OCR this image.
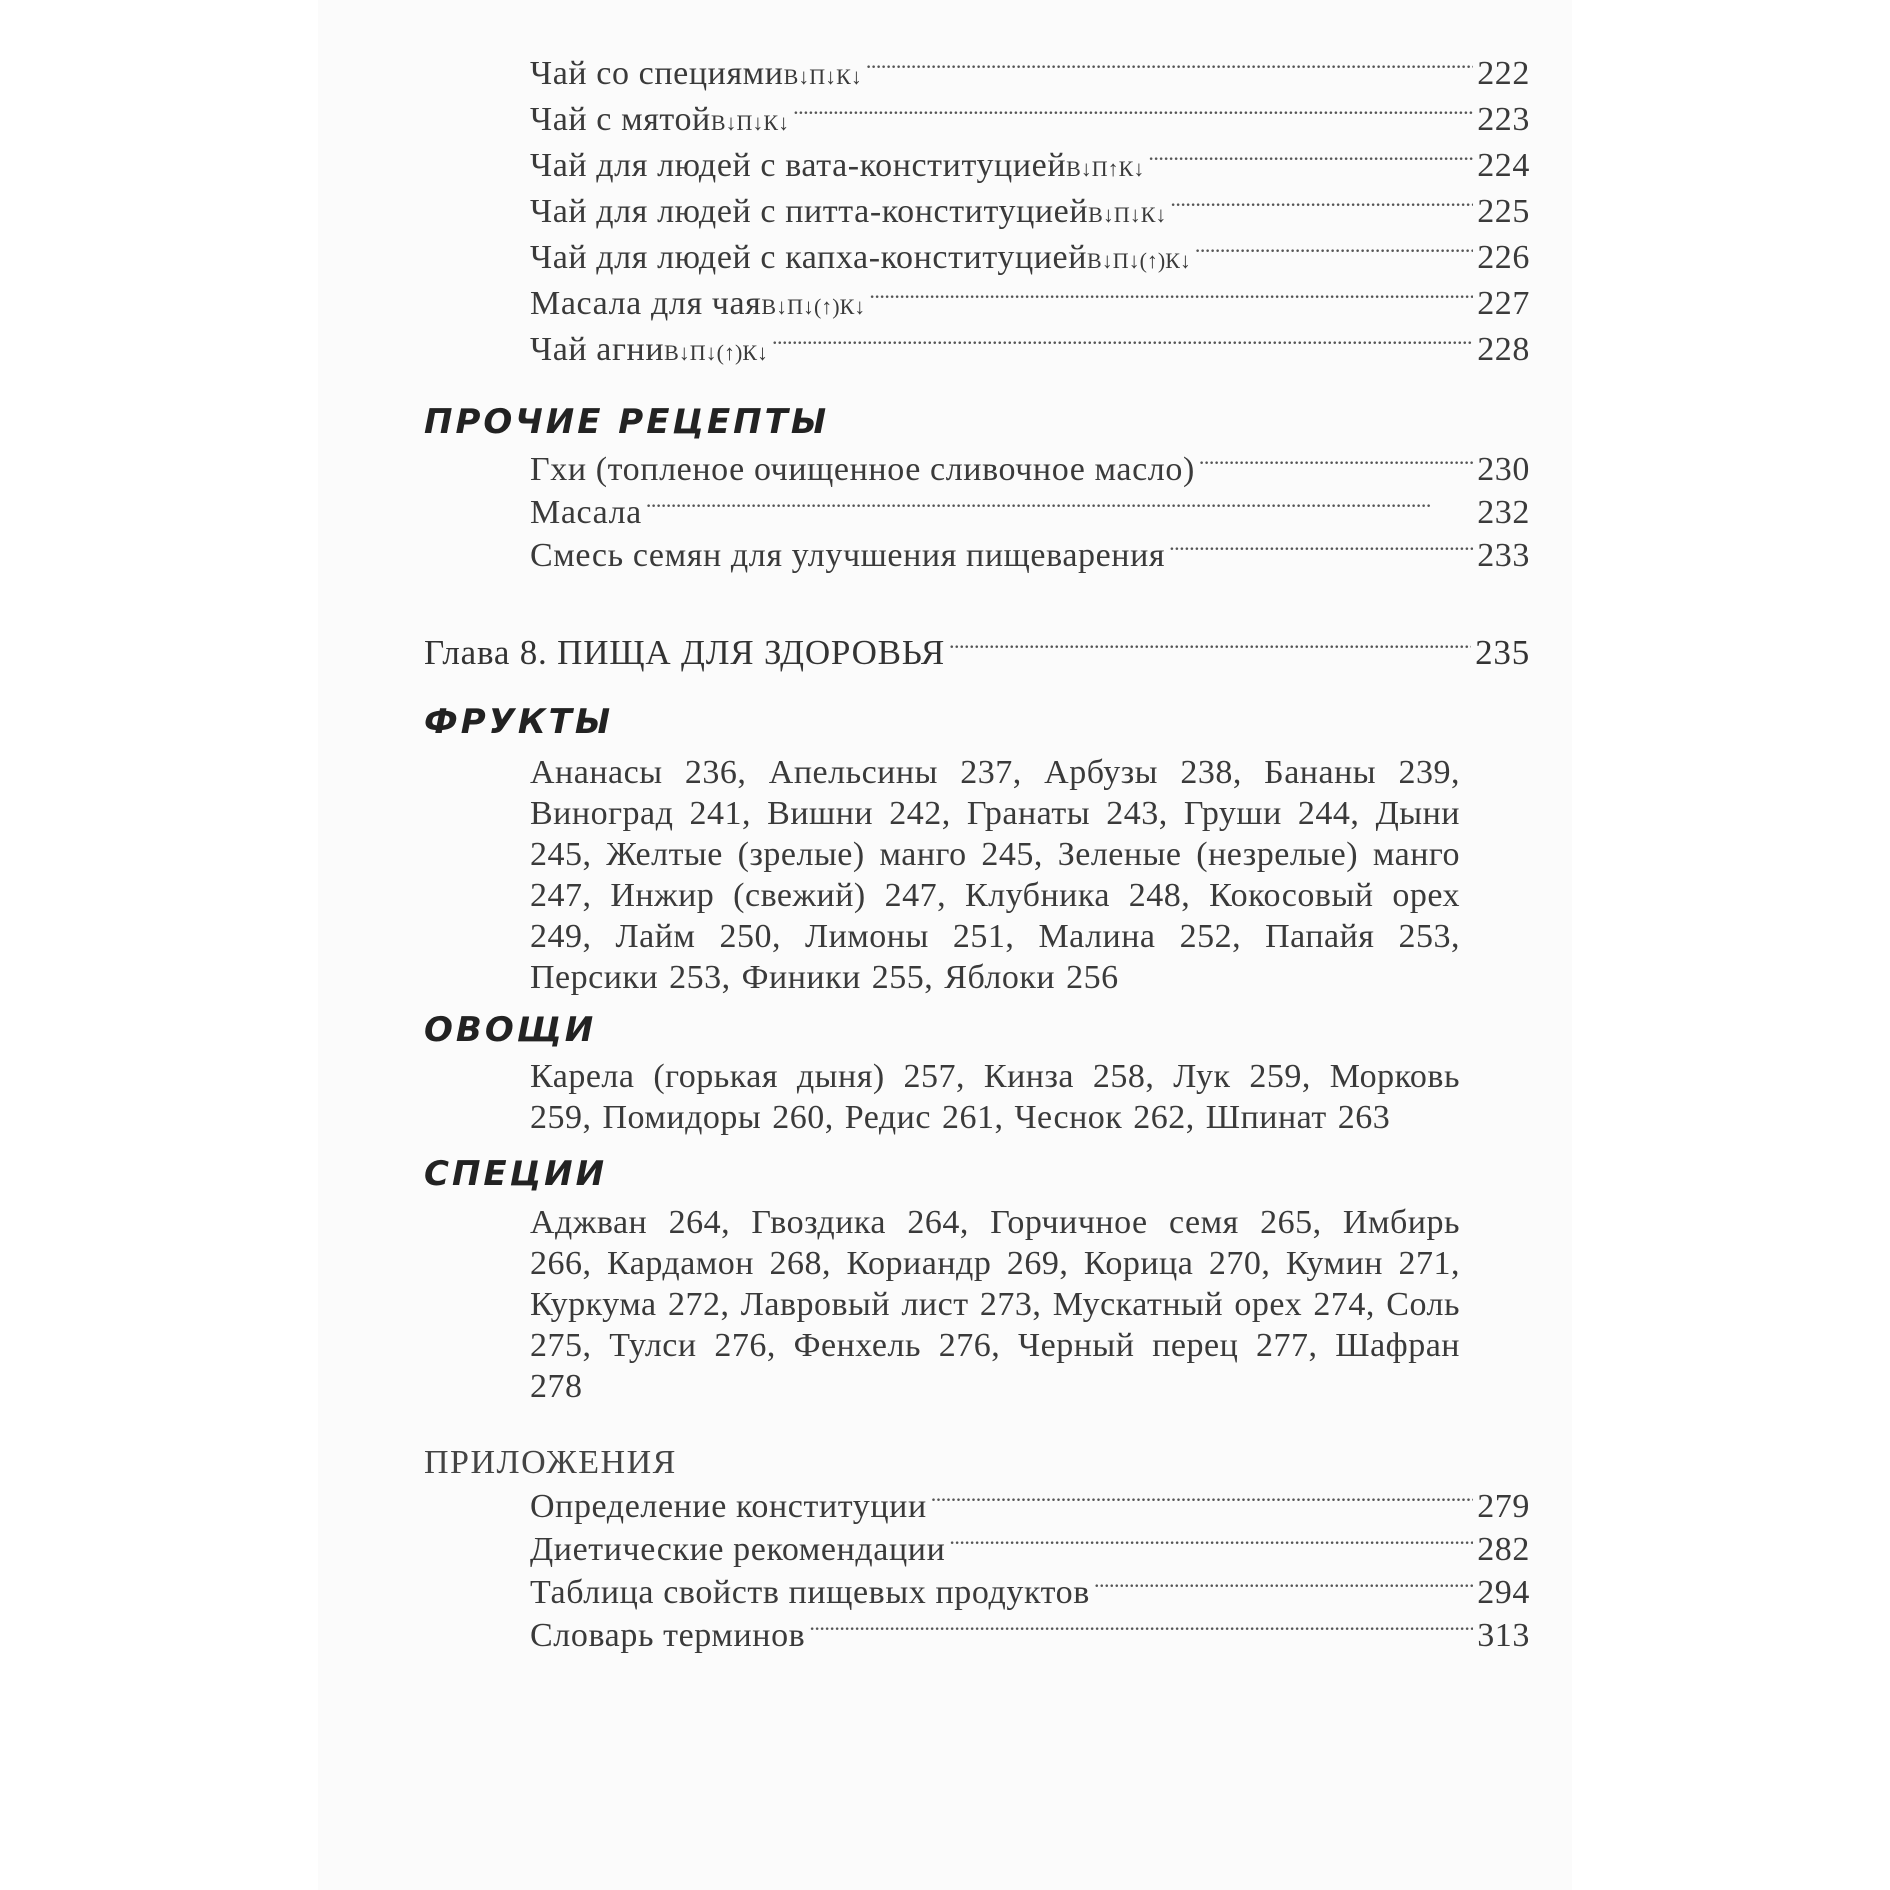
Чай со специями В↓П↓К↓ . . .	222
Чай с мятой В↓П↓К↓ . . .	223
Чай для людей с вата-конституцией В↓П↑К↓ . . .	224
Чай для людей с питта-конституцией В↓П↓К↓ . . .	225
Чай для людей с капха-конституцией В↓П↓(↑)К↓ . . .	226
Масала для чая В↓П↓(↑)К↓ . . .	227
Чай агни В↓П↓(↑)К↓ . . .	228
ПРОЧИЕ РЕЦЕПТЫ
Гхи (топленое очищенное сливочное масло) . . .	230
Масала . . .	232
Смесь семян для улучшения пищеварения . . .	233
Глава 8. ПИЩА ДЛЯ ЗДОРОВЬЯ . . .	235
ФРУКТЫ
Ананасы 236, Апельсины 237, Арбузы 238, Бананы 239, Виноград 241, Вишни 242, Гранаты 243, Груши 244, Дыни 245, Желтые (зрелые) манго 245, Зеленые (незрелые) манго 247, Инжир (свежий) 247, Клубника 248, Кокосовый орех 249, Лайм 250, Лимоны 251, Малина 252, Папайя 253, Персики 253, Финики 255, Яблоки 256
ОВОЩИ
Карела (горькая дыня) 257, Кинза 258, Лук 259, Морковь 259, Помидоры 260, Редис 261, Чеснок 262, Шпинат 263
СПЕЦИИ
Аджван 264, Гвоздика 264, Горчичное семя 265, Имбирь 266, Кардамон 268, Кориандр 269, Корица 270, Кумин 271, Куркума 272, Лавровый лист 273, Мускатный орех 274, Соль 275, Тулси 276, Фенхель 276, Черный перец 277, Шафран 278
ПРИЛОЖЕНИЯ
Определение конституции . . .	279
Диетические рекомендации . . .	282
Таблица свойств пищевых продуктов . . .	294
Словарь терминов . . .	313
